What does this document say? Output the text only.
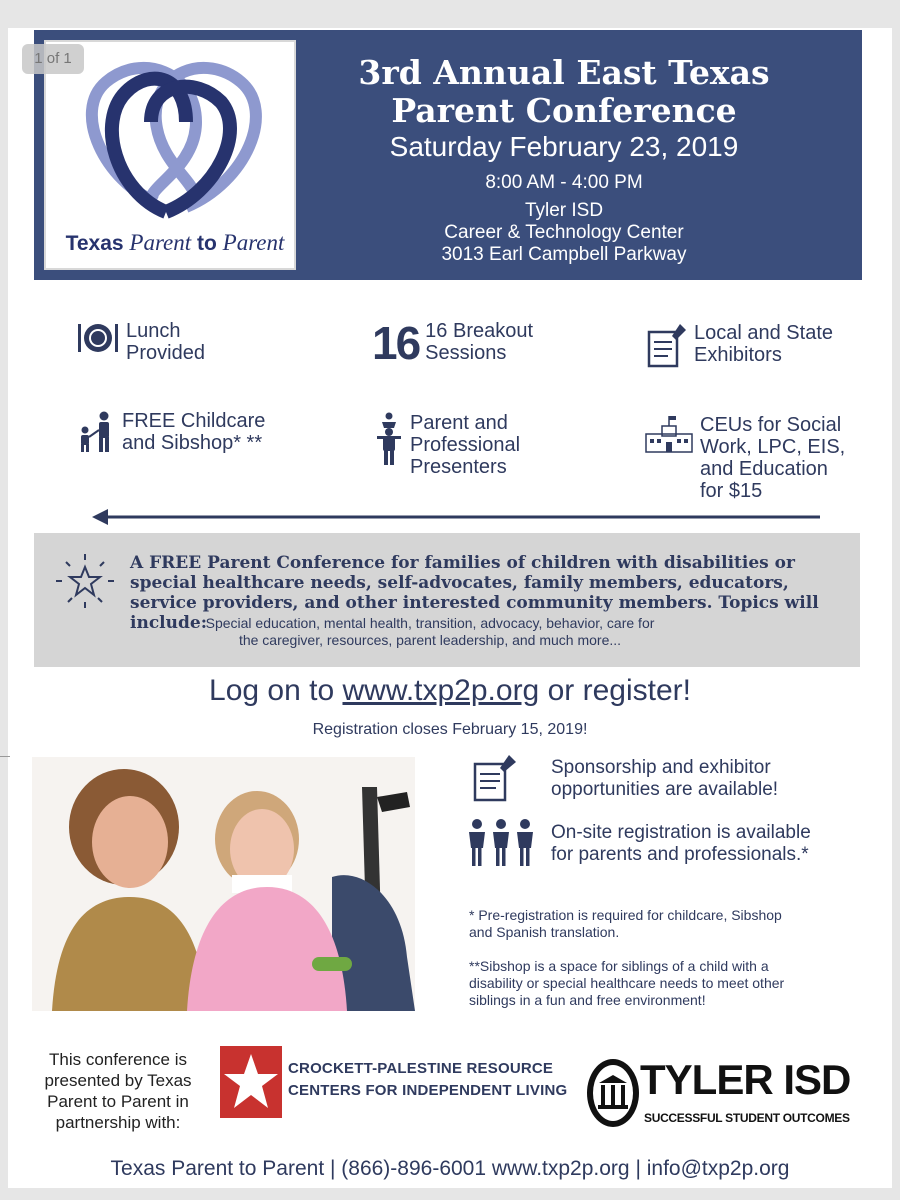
1 of 1
Texas Parent to Parent
3rd Annual East Texas
Parent Conference
Saturday February 23, 2019
8:00 AM - 4:00 PM
Tyler ISD
Career & Technology Center
3013 Earl Campbell Parkway
Lunch
Provided	16 16 Breakout
Sessions
Local and State
Exhibitors
FREE Childcare
and Sibshop* **
Parent and
Professional
Presenters
CEUs for Social
Work, LPC, EIS,
and Education
for $15
A FREE Parent Conference for families of children with disabilities or special healthcare needs, self-advocates, family members, educators, service providers, and other interested community members. Topics will include:
Special education, mental health, transition, advocacy, behavior, care for
the caregiver, resources, parent leadership, and much more...
Log on to www.txp2p.org or register!
Registration closes February 15, 2019!
Sponsorship and exhibitor
opportunities are available!
On-site registration is available
for parents and professionals.*
* Pre-registration is required for childcare, Sibshop
and Spanish translation.
**Sibshop is a space for siblings of a child with a
disability or special healthcare needs to meet other
siblings in a fun and free environment!
This conference is presented by Texas Parent to Parent in partnership with:
CROCKETT-PALESTINE RESOURCE
CENTERS FOR INDEPENDENT LIVING	TYLER ISD
SUCCESSFUL STUDENT OUTCOMES
Texas Parent to Parent | (866)-896-6001 www.txp2p.org | info@txp2p.org
